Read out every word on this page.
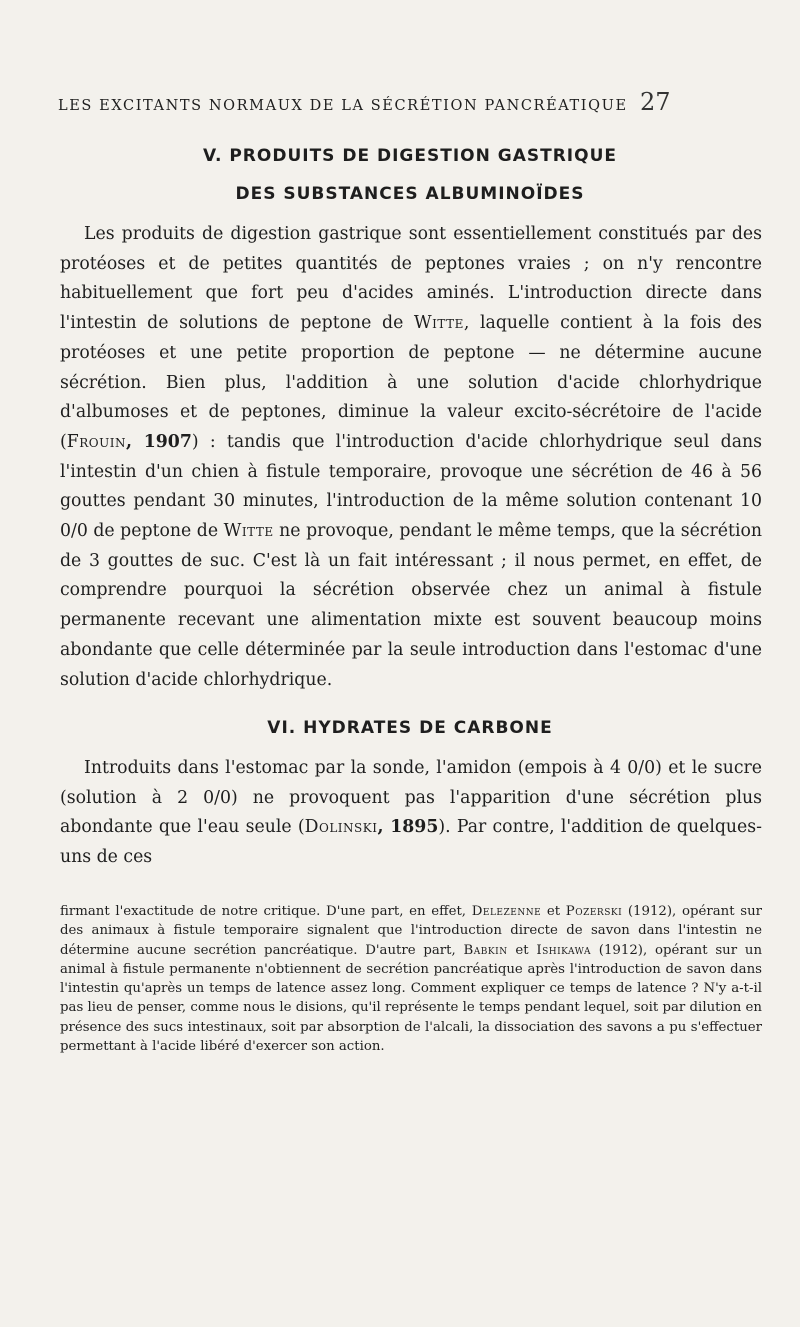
LES EXCITANTS NORMAUX DE LA SÉCRÉTION PANCRÉATIQUE 27
V. PRODUITS DE DIGESTION GASTRIQUE
DES SUBSTANCES ALBUMINOÏDES

Les produits de digestion gastrique sont essentiellement constitués par des protéoses et de petites quantités de peptones vraies ; on n'y rencontre habituellement que fort peu d'acides aminés. L'introduction directe dans l'intestin de solutions de peptone de Witte, laquelle contient à la fois des protéoses et une petite proportion de peptone — ne détermine aucune sécrétion. Bien plus, l'addition à une solution d'acide chlorhydrique d'albumoses et de peptones, diminue la valeur excito-sécrétoire de l'acide (Frouin, 1907) : tandis que l'introduction d'acide chlorhydrique seul dans l'intestin d'un chien à fistule temporaire, provoque une sécrétion de 46 à 56 gouttes pendant 30 minutes, l'introduction de la même solution contenant 10 0/0 de peptone de Witte ne provoque, pendant le même temps, que la sécrétion de 3 gouttes de suc. C'est là un fait intéressant ; il nous permet, en effet, de comprendre pourquoi la sécrétion observée chez un animal à fistule permanente recevant une alimentation mixte est souvent beaucoup moins abondante que celle déterminée par la seule introduction dans l'estomac d'une solution d'acide chlorhydrique.

VI. HYDRATES DE CARBONE

Introduits dans l'estomac par la sonde, l'amidon (empois à 4 0/0) et le sucre (solution à 2 0/0) ne provoquent pas l'apparition d'une sécrétion plus abondante que l'eau seule (Dolinski, 1895). Par contre, l'addition de quelques-uns de ces

firmant l'exactitude de notre critique. D'une part, en effet, Delezenne et Pozerski (1912), opérant sur des animaux à fistule temporaire signalent que l'introduction directe de savon dans l'intestin ne détermine aucune secrétion pancréatique. D'autre part, Babkin et Ishikawa (1912), opérant sur un animal à fistule permanente n'obtiennent de secrétion pancréatique après l'introduction de savon dans l'intestin qu'après un temps de latence assez long. Comment expliquer ce temps de latence ? N'y a-t-il pas lieu de penser, comme nous le disions, qu'il représente le temps pendant lequel, soit par dilution en présence des sucs intestinaux, soit par absorption de l'alcali, la dissociation des savons a pu s'effectuer permettant à l'acide libéré d'exercer son action.
